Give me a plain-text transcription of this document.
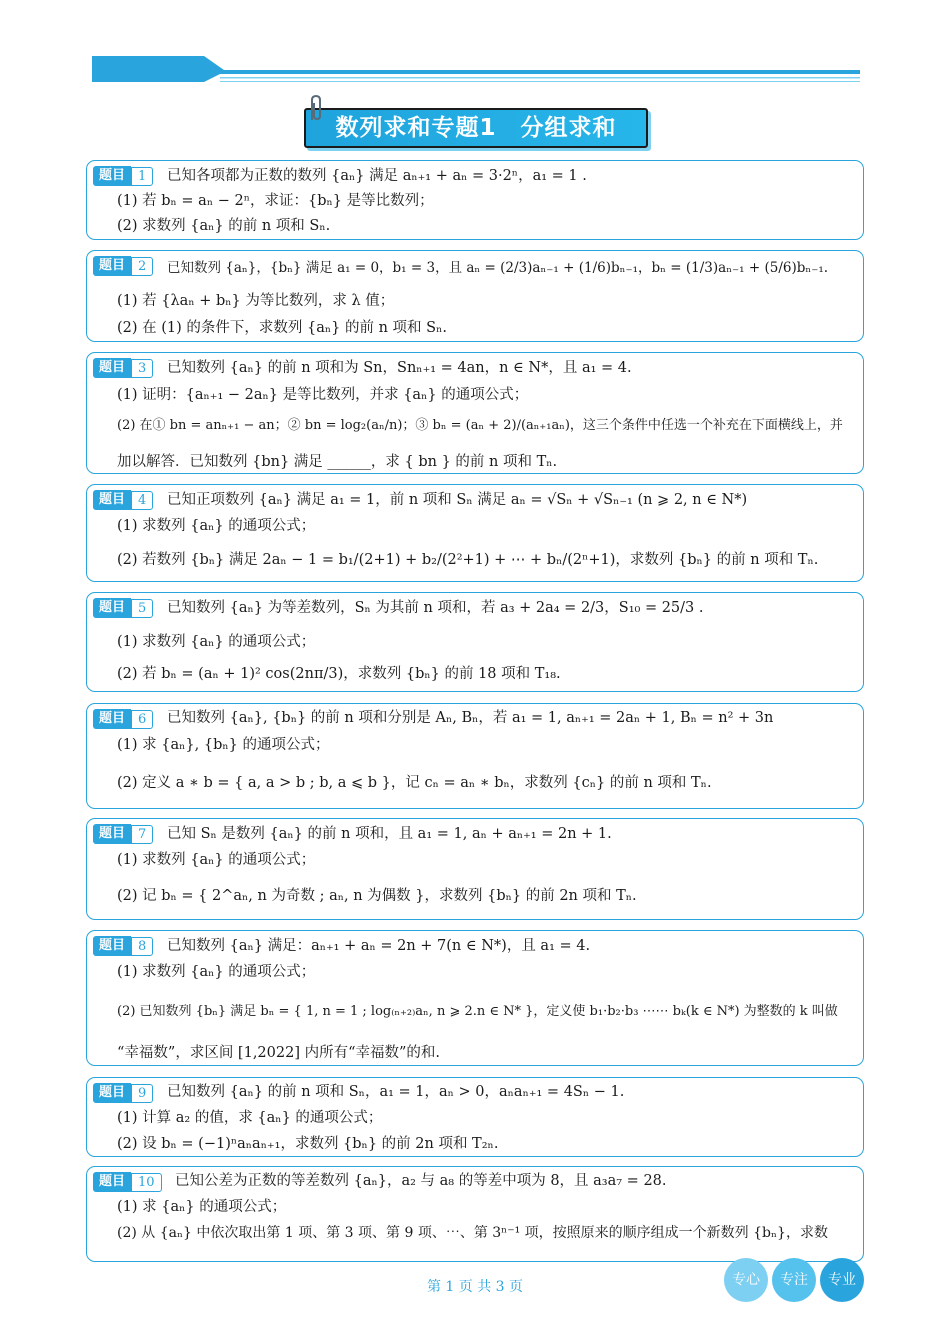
数列求和专题1　分组求和
题目	1	已知各项都为正数的数列 {aₙ} 满足 aₙ₊₁ + aₙ = 3·2ⁿ，a₁ = 1 .
(1) 若 bₙ = aₙ − 2ⁿ，求证：{bₙ} 是等比数列；
(2) 求数列 {aₙ} 的前 n 项和 Sₙ.
题目	2	已知数列 {aₙ}，{bₙ} 满足 a₁ = 0，b₁ = 3，且 aₙ = (2/3)aₙ₋₁ + (1/6)bₙ₋₁，bₙ = (1/3)aₙ₋₁ + (5/6)bₙ₋₁.
(1) 若 {λaₙ + bₙ} 为等比数列，求 λ 值；
(2) 在 (1) 的条件下，求数列 {aₙ} 的前 n 项和 Sₙ.
题目	3	已知数列 {aₙ} 的前 n 项和为 Sn，Snₙ₊₁ = 4an，n ∈ N*，且 a₁ = 4.
(1) 证明：{aₙ₊₁ − 2aₙ} 是等比数列，并求 {aₙ} 的通项公式；
(2) 在① bn = anₙ₊₁ − an；② bn = log₂(aₙ/n)；③ bₙ = (aₙ + 2)/(aₙ₊₁aₙ)，这三个条件中任选一个补充在下面横线上，并
加以解答．已知数列 {bn} 满足 ______，求 { bn } 的前 n 项和 Tₙ.
题目	4	已知正项数列 {aₙ} 满足 a₁ = 1，前 n 项和 Sₙ 满足 aₙ = √Sₙ + √Sₙ₋₁ (n ⩾ 2, n ∈ N*)
(1) 求数列 {aₙ} 的通项公式；
(2) 若数列 {bₙ} 满足 2aₙ − 1 = b₁/(2+1) + b₂/(2²+1) + ⋯ + bₙ/(2ⁿ+1)，求数列 {bₙ} 的前 n 项和 Tₙ.
题目	5	已知数列 {aₙ} 为等差数列，Sₙ 为其前 n 项和，若 a₃ + 2a₄ = 2/3，S₁₀ = 25/3 .
(1) 求数列 {aₙ} 的通项公式；
(2) 若 bₙ = (aₙ + 1)² cos(2nπ/3)，求数列 {bₙ} 的前 18 项和 T₁₈.
题目	6	已知数列 {aₙ}, {bₙ} 的前 n 项和分别是 Aₙ, Bₙ，若 a₁ = 1, aₙ₊₁ = 2aₙ + 1, Bₙ = n² + 3n
(1) 求 {aₙ}, {bₙ} 的通项公式；
(2) 定义 a ∗ b = { a, a > b ; b, a ⩽ b }，记 cₙ = aₙ ∗ bₙ，求数列 {cₙ} 的前 n 项和 Tₙ.
题目	7	已知 Sₙ 是数列 {aₙ} 的前 n 项和，且 a₁ = 1, aₙ + aₙ₊₁ = 2n + 1.
(1) 求数列 {aₙ} 的通项公式；
(2) 记 bₙ = { 2^aₙ, n 为奇数 ; aₙ, n 为偶数 }，求数列 {bₙ} 的前 2n 项和 Tₙ.
题目	8	已知数列 {aₙ} 满足：aₙ₊₁ + aₙ = 2n + 7(n ∈ N*)，且 a₁ = 4.
(1) 求数列 {aₙ} 的通项公式；
(2) 已知数列 {bₙ} 满足 bₙ = { 1, n = 1 ; log₍ₙ₊₂₎aₙ, n ⩾ 2.n ∈ N* }，定义使 b₁·b₂·b₃ ⋯⋯ bₖ(k ∈ N*) 为整数的 k 叫做
“幸福数”，求区间 [1,2022] 内所有“幸福数”的和.
题目	9	已知数列 {aₙ} 的前 n 项和 Sₙ，a₁ = 1，aₙ > 0，aₙaₙ₊₁ = 4Sₙ − 1.
(1) 计算 a₂ 的值，求 {aₙ} 的通项公式；
(2) 设 bₙ = (−1)ⁿaₙaₙ₊₁，求数列 {bₙ} 的前 2n 项和 T₂ₙ.
题目	10	已知公差为正数的等差数列 {aₙ}，a₂ 与 a₈ 的等差中项为 8，且 a₃a₇ = 28.
(1) 求 {aₙ} 的通项公式；
(2) 从 {aₙ} 中依次取出第 1 项、第 3 项、第 9 项、⋯、第 3ⁿ⁻¹ 项，按照原来的顺序组成一个新数列 {bₙ}，求数
第 1 页 共 3 页	专心	专注	专业
